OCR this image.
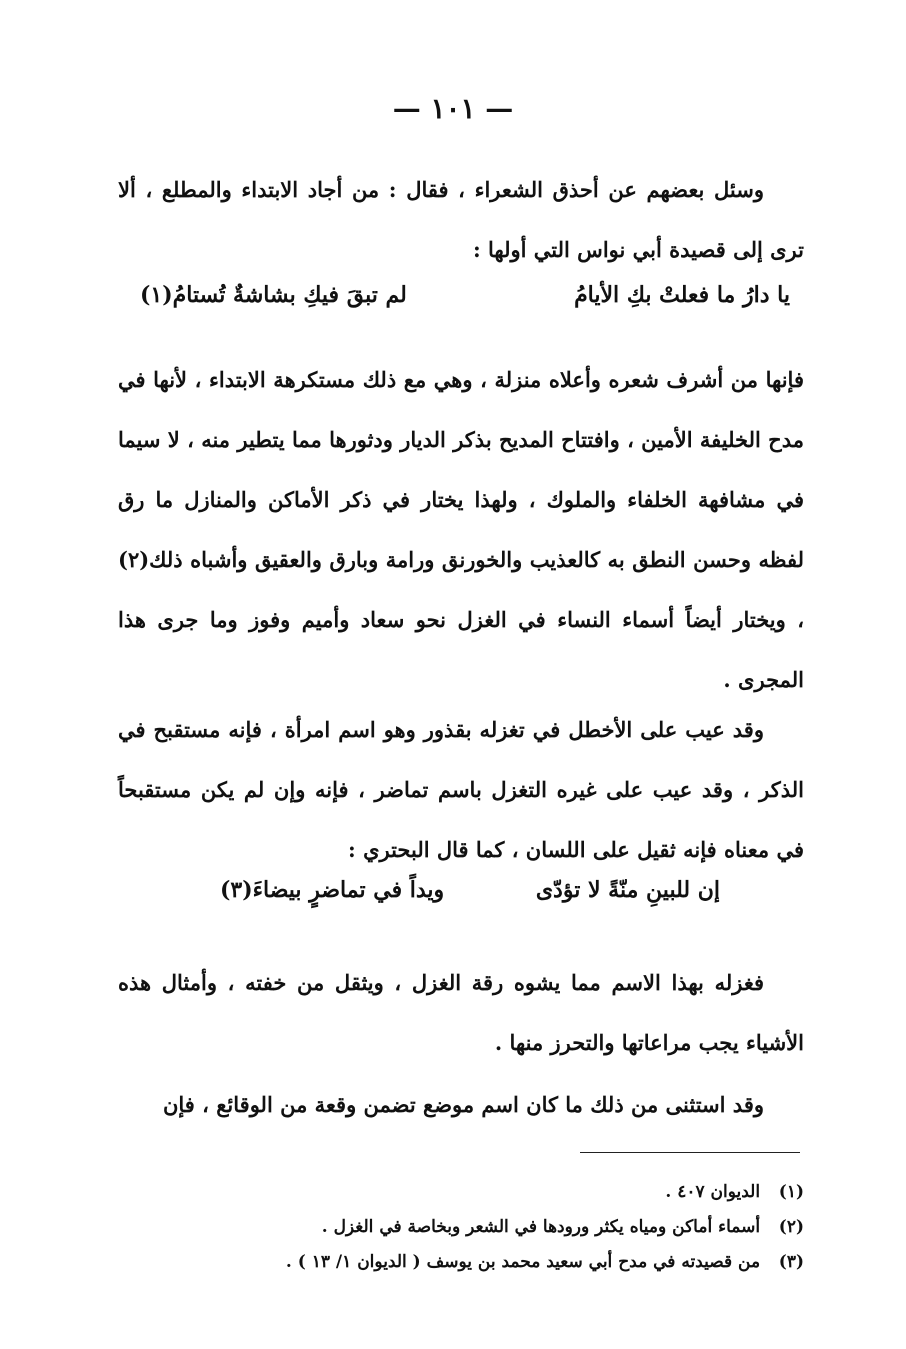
— ١٠١ —

وسئل بعضهم عن أحذق الشعراء ، فقال : من أجاد الابتداء والمطلع ، ألا ترى إلى قصيدة أبي نواس التي أولها :

يا دارُ ما فعلتْ بكِ الأيامُ
لم تبقَ فيكِ بشاشةٌ تُستامُ(١)

فإنها من أشرف شعره وأعلاه منزلة ، وهي مع ذلك مستكرهة الابتداء ، لأنها في مدح الخليفة الأمين ، وافتتاح المديح بذكر الديار ودثورها مما يتطير منه ، لا سيما في مشافهة الخلفاء والملوك ، ولهذا يختار في ذكر الأماكن والمنازل ما رق لفظه وحسن النطق به كالعذيب والخورنق ورامة وبارق والعقيق وأشباه ذلك(٢) ، ويختار أيضاً أسماء النساء في الغزل نحو سعاد وأميم وفوز وما جرى هذا المجرى .

وقد عيب على الأخطل في تغزله بقذور وهو اسم امرأة ، فإنه مستقبح في الذكر ، وقد عيب على غيره التغزل باسم تماضر ، فإنه وإن لم يكن مستقبحاً في معناه فإنه ثقيل على اللسان ، كما قال البحتري :

إن للبينِ منّةً لا تؤدّى
ويداً في تماضرٍ بيضاءَ(٣)

فغزله بهذا الاسم مما يشوه رقة الغزل ، ويثقل من خفته ، وأمثال هذه الأشياء يجب مراعاتها والتحرز منها .

وقد استثنى من ذلك ما كان اسم موضع تضمن وقعة من الوقائع ، فإن

(١) الديوان ٤٠٧ .
(٢) أسماء أماكن ومياه يكثر ورودها في الشعر وبخاصة في الغزل .
(٣) من قصيدته في مدح أبي سعيد محمد بن يوسف ( الديوان ١/ ١٣ ) .
